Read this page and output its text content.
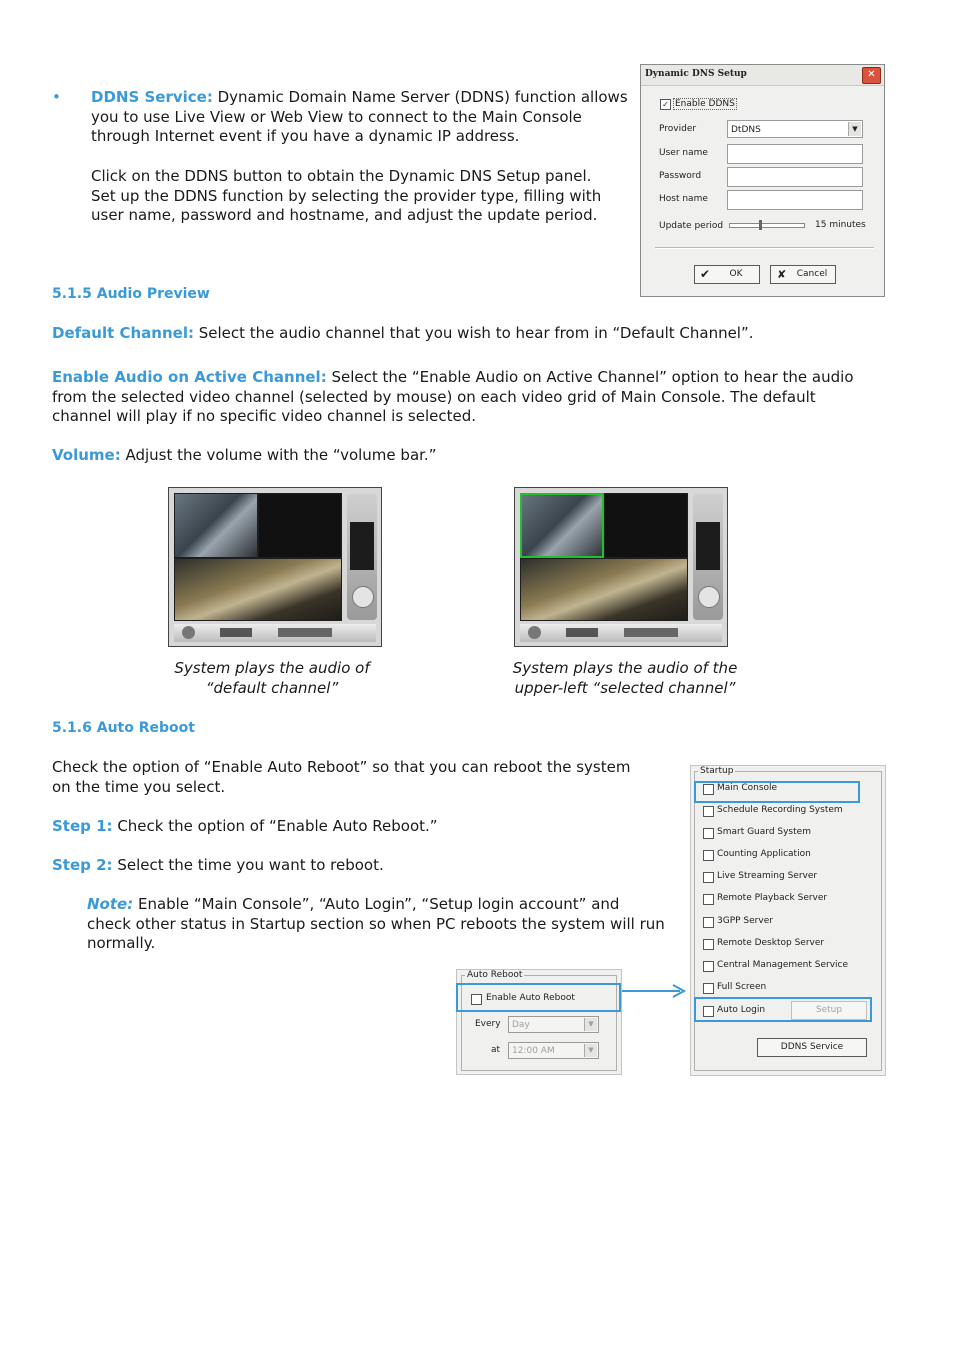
• DDNS Service: Dynamic Domain Name Server (DDNS) function allows
you to use Live View or Web View to connect to the Main Console
through Internet event if you have a dynamic IP address.
Click on the DDNS button to obtain the Dynamic DNS Setup panel.
Set up the DDNS function by selecting the provider type, filling with
user name, password and hostname, and adjust the update period.
Dynamic DNS Setup	✕
✓ Enable DDNS
Provider	DtDNS	▼
User name
Password
Host name
Update period	15 minutes
✔ OK	✘ Cancel
5.1.5 Audio Preview
Default Channel: Select the audio channel that you wish to hear from in “Default Channel”.
Enable Audio on Active Channel: Select the “Enable Audio on Active Channel” option to hear the audio
from the selected video channel (selected by mouse) on each video grid of Main Console. The default
channel will play if no specific video channel is selected.
Volume: Adjust the volume with the “volume bar.”
System plays the audio of
“default channel”
System plays the audio of the
upper-left “selected channel”
5.1.6 Auto Reboot
Check the option of “Enable Auto Reboot” so that you can reboot the system
on the time you select.
Step 1: Check the option of “Enable Auto Reboot.”
Step 2: Select the time you want to reboot.
Note: Enable “Main Console”, “Auto Login”, “Setup login account” and
check other status in Startup section so when PC reboots the system will run
normally.
Auto Reboot
Enable Auto Reboot
Every	Day	▼
at	12:00 AM	▼
Startup
Main Console
Schedule Recording System
Smart Guard System
Counting Application
Live Streaming Server
Remote Playback Server
3GPP Server
Remote Desktop Server
Central Management Service
Full Screen
Auto Login	Setup
DDNS Service
